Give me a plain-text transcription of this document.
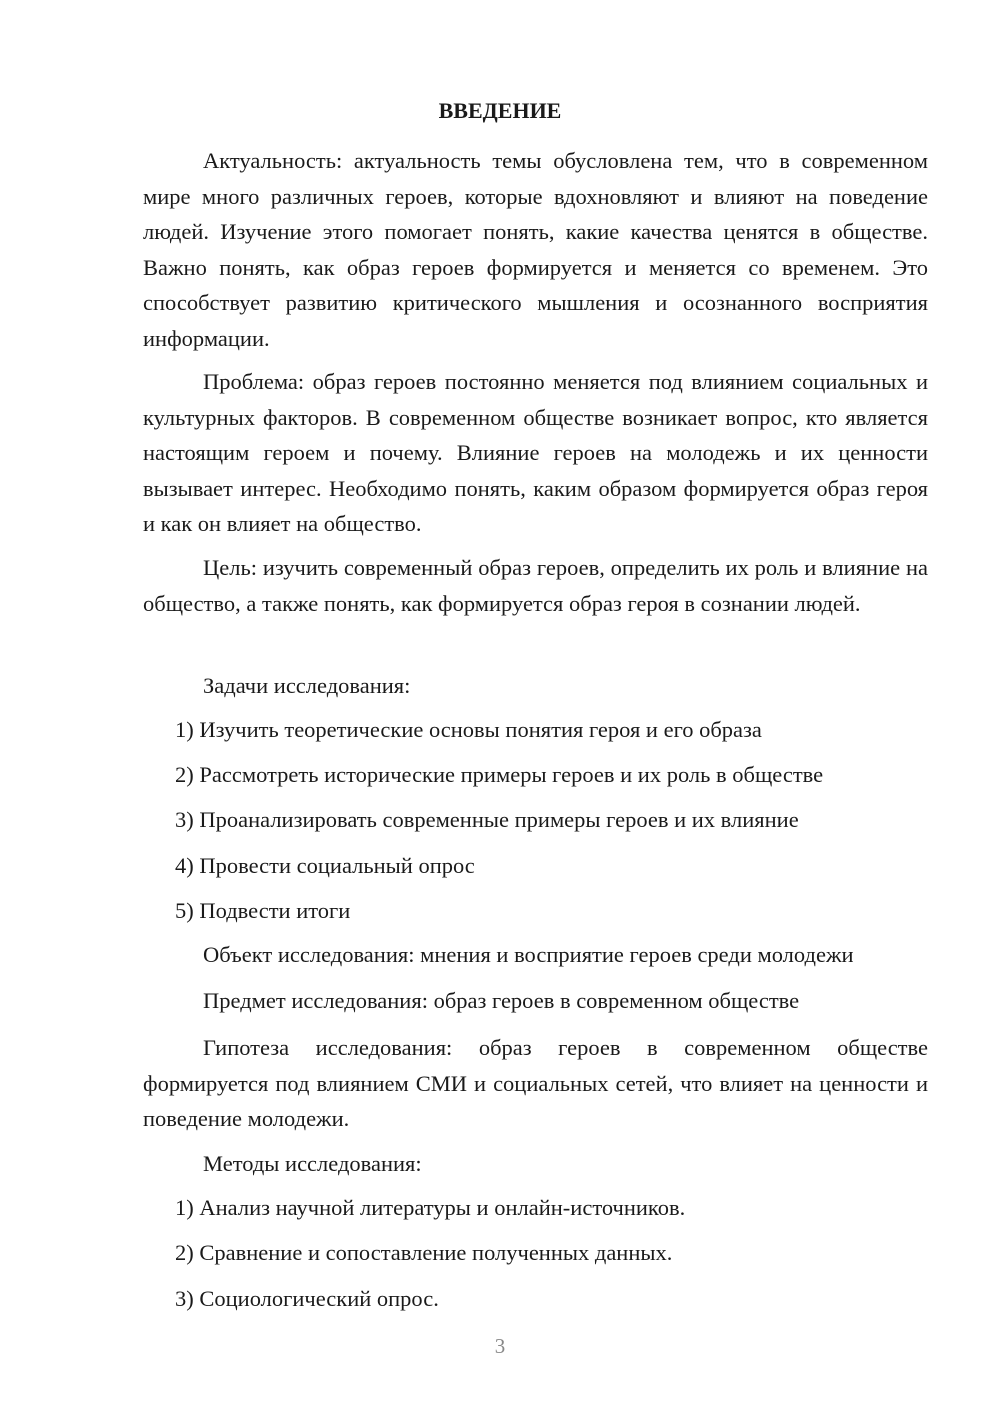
ВВЕДЕНИЕ

Актуальность: актуальность темы обусловлена тем, что в современном мире много различных героев, которые вдохновляют и влияют на поведение людей. Изучение этого помогает понять, какие качества ценятся в обществе. Важно понять, как образ героев формируется и меняется со временем. Это способствует развитию критического мышления и осознанного восприятия информации.

Проблема: образ героев постоянно меняется под влиянием социальных и культурных факторов. В современном обществе возникает вопрос, кто является настоящим героем и почему. Влияние героев на молодежь и их ценности вызывает интерес. Необходимо понять, каким образом формируется образ героя и как он влияет на общество.

Цель: изучить современный образ героев, определить их роль и влияние на общество, а также понять, как формируется образ героя в сознании людей.

Задачи исследования:

1) Изучить теоретические основы понятия героя и его образа

2) Рассмотреть исторические примеры героев и их роль в обществе

3) Проанализировать современные примеры героев и их влияние

4) Провести социальный опрос

5) Подвести итоги

Объект исследования: мнения и восприятие героев среди молодежи

Предмет исследования: образ героев в современном обществе

Гипотеза исследования: образ героев в современном обществе формируется под влиянием СМИ и социальных сетей, что влияет на ценности и поведение молодежи.

Методы исследования:

1) Анализ научной литературы и онлайн-источников.

2) Сравнение и сопоставление полученных данных.

3) Социологический опрос.

3
